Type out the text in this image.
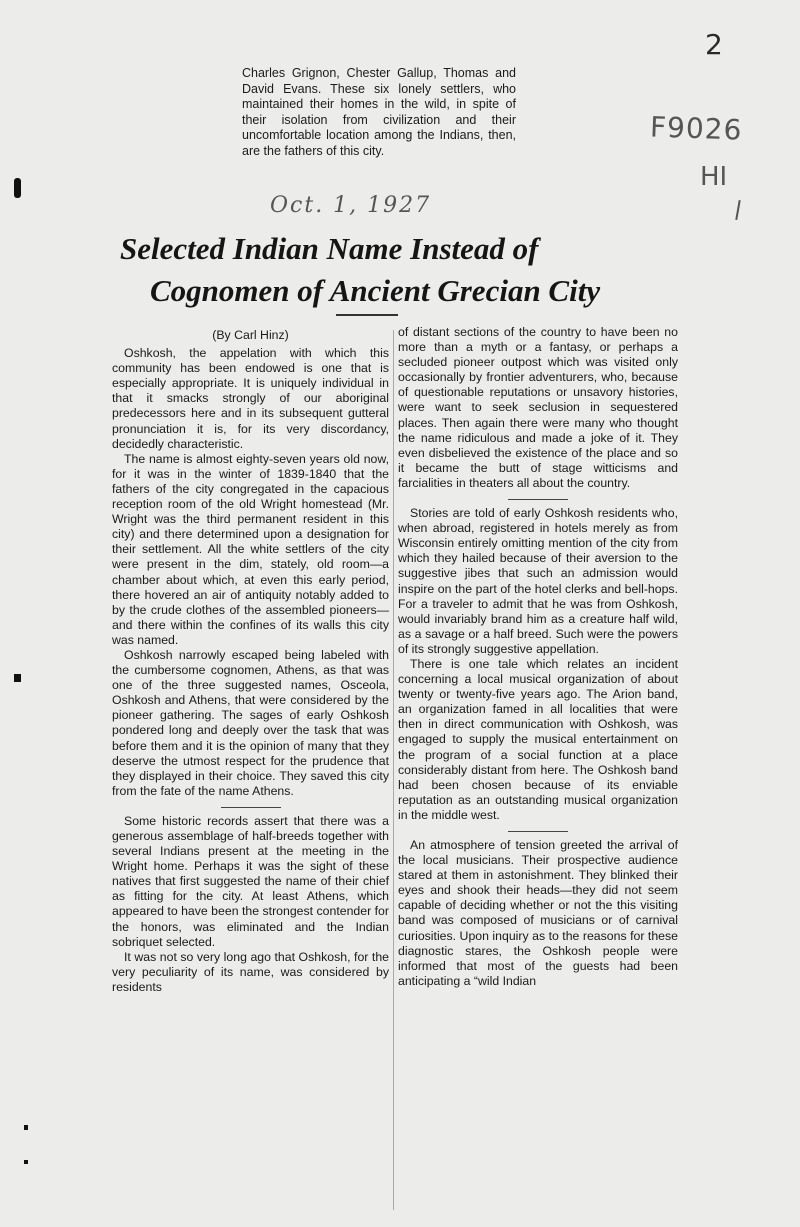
2
F9026
HI
Oct. 1, 1927

Charles Grignon, Chester Gallup, Thomas and David Evans. These six lonely settlers, who maintained their homes in the wild, in spite of their isolation from civilization and their uncomfortable location among the Indians, then, are the fathers of this city.

Selected Indian Name Instead of
Cognomen of Ancient Grecian City

(By Carl Hinz)

Oshkosh, the appelation with which this community has been endowed is one that is especially appropriate. It is uniquely individual in that it smacks strongly of our aboriginal predecessors here and in its subsequent gutteral pronunciation it is, for its very discordancy, decidedly characteristic.

The name is almost eighty-seven years old now, for it was in the winter of 1839-1840 that the fathers of the city congregated in the capacious reception room of the old Wright homestead (Mr. Wright was the third permanent resident in this city) and there determined upon a designation for their settlement. All the white settlers of the city were present in the dim, stately, old room—a chamber about which, at even this early period, there hovered an air of antiquity notably added to by the crude clothes of the assembled pioneers—and there within the confines of its walls this city was named.

Oshkosh narrowly escaped being labeled with the cumbersome cognomen, Athens, as that was one of the three suggested names, Osceola, Oshkosh and Athens, that were considered by the pioneer gathering. The sages of early Oshkosh pondered long and deeply over the task that was before them and it is the opinion of many that they deserve the utmost respect for the prudence that they displayed in their choice. They saved this city from the fate of the name Athens.

Some historic records assert that there was a generous assemblage of half-breeds together with several Indians present at the meeting in the Wright home. Perhaps it was the sight of these natives that first suggested the name of their chief as fitting for the city. At least Athens, which appeared to have been the strongest contender for the honors, was eliminated and the Indian sobriquet selected.

It was not so very long ago that Oshkosh, for the very peculiarity of its name, was considered by residents

of distant sections of the country to have been no more than a myth or a fantasy, or perhaps a secluded pioneer outpost which was visited only occasionally by frontier adventurers, who, because of questionable reputations or unsavory histories, were want to seek seclusion in sequestered places. Then again there were many who thought the name ridiculous and made a joke of it. They even disbelieved the existence of the place and so it became the butt of stage witticisms and farcialities in theaters all about the country.

Stories are told of early Oshkosh residents who, when abroad, registered in hotels merely as from Wisconsin entirely omitting mention of the city from which they hailed because of their aversion to the suggestive jibes that such an admission would inspire on the part of the hotel clerks and bell-hops. For a traveler to admit that he was from Oshkosh, would invariably brand him as a creature half wild, as a savage or a half breed. Such were the powers of its strongly suggestive appellation.

There is one tale which relates an incident concerning a local musical organization of about twenty or twenty-five years ago. The Arion band, an organization famed in all localities that were then in direct communication with Oshkosh, was engaged to supply the musical entertainment on the program of a social function at a place considerably distant from here. The Oshkosh band had been chosen because of its enviable reputation as an outstanding musical organization in the middle west.

An atmosphere of tension greeted the arrival of the local musicians. Their prospective audience stared at them in astonishment. They blinked their eyes and shook their heads—they did not seem capable of deciding whether or not the this visiting band was composed of musicians or of carnival curiosities. Upon inquiry as to the reasons for these diagnostic stares, the Oshkosh people were informed that most of the guests had been anticipating a “wild Indian
